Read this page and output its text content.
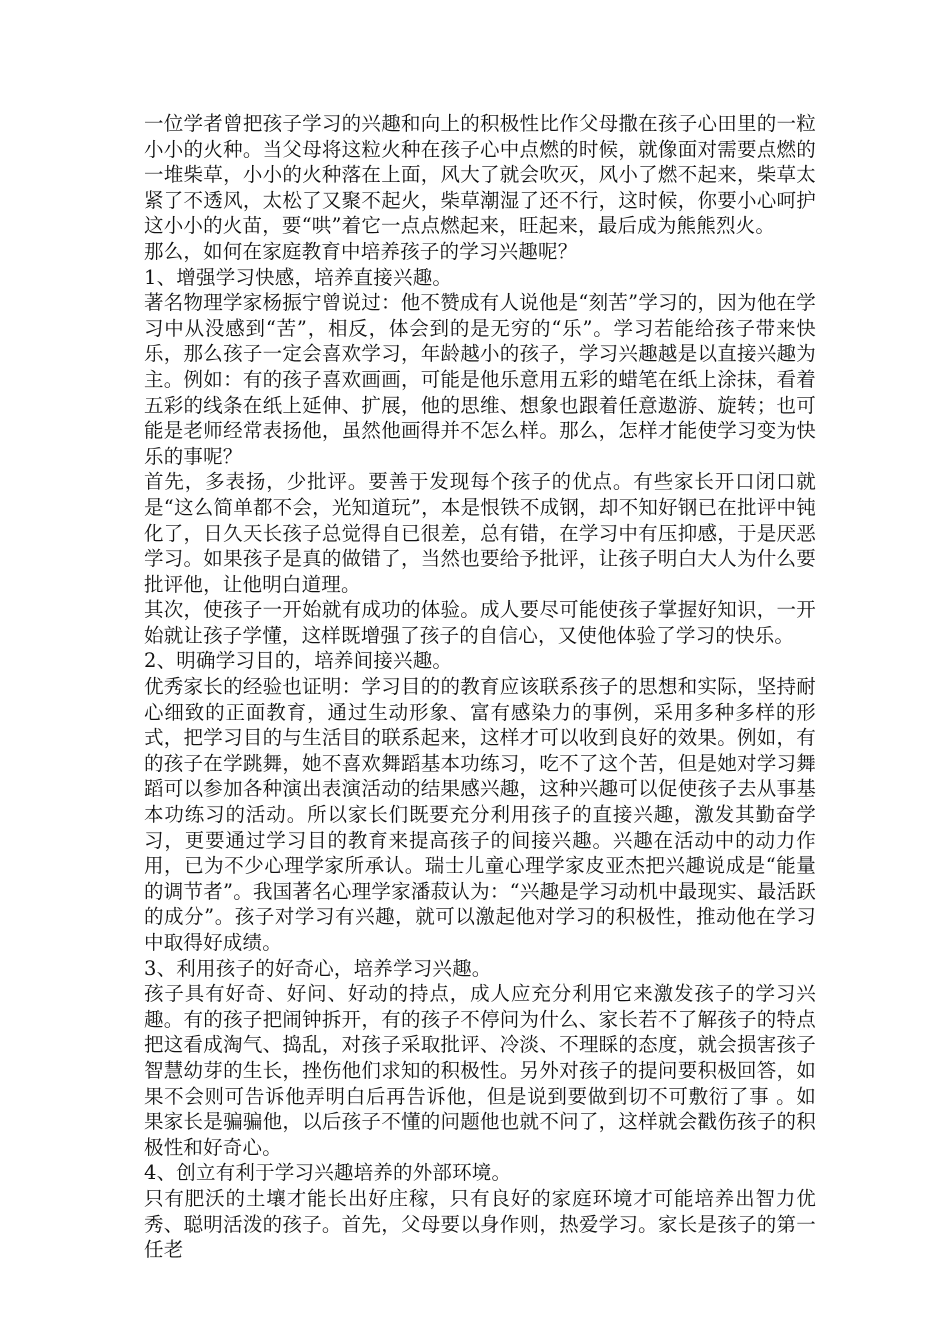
一位学者曾把孩子学习的兴趣和向上的积极性比作父母撒在孩子心田里的一粒小小的火种。当父母将这粒火种在孩子心中点燃的时候，就像面对需要点燃的一堆柴草，小小的火种落在上面，风大了就会吹灭，风小了燃不起来，柴草太紧了不透风，太松了又聚不起火，柴草潮湿了还不行，这时候，你要小心呵护这小小的火苗，要“哄”着它一点点燃起来，旺起来，最后成为熊熊烈火。

那么，如何在家庭教育中培养孩子的学习兴趣呢？

1、增强学习快感，培养直接兴趣。

著名物理学家杨振宁曾说过：他不赞成有人说他是“刻苦”学习的，因为他在学习中从没感到“苦”，相反，体会到的是无穷的“乐”。学习若能给孩子带来快乐，那么孩子一定会喜欢学习，年龄越小的孩子，学习兴趣越是以直接兴趣为主。例如：有的孩子喜欢画画，可能是他乐意用五彩的蜡笔在纸上涂抹，看着五彩的线条在纸上延伸、扩展，他的思维、想象也跟着任意遨游、旋转；也可能是老师经常表扬他，虽然他画得并不怎么样。那么，怎样才能使学习变为快乐的事呢？

首先，多表扬，少批评。要善于发现每个孩子的优点。有些家长开口闭口就是“这么简单都不会，光知道玩”，本是恨铁不成钢，却不知好钢已在批评中钝化了，日久天长孩子总觉得自已很差，总有错，在学习中有压抑感，于是厌恶学习。如果孩子是真的做错了，当然也要给予批评，让孩子明白大人为什么要批评他，让他明白道理。

其次，使孩子一开始就有成功的体验。成人要尽可能使孩子掌握好知识，一开始就让孩子学懂，这样既增强了孩子的自信心，又使他体验了学习的快乐。

2、明确学习目的，培养间接兴趣。

优秀家长的经验也证明：学习目的的教育应该联系孩子的思想和实际，坚持耐心细致的正面教育，通过生动形象、富有感染力的事例，采用多种多样的形式，把学习目的与生活目的联系起来，这样才可以收到良好的效果。例如，有的孩子在学跳舞，她不喜欢舞蹈基本功练习，吃不了这个苦，但是她对学习舞蹈可以参加各种演出表演活动的结果感兴趣，这种兴趣可以促使孩子去从事基本功练习的活动。所以家长们既要充分利用孩子的直接兴趣，激发其勤奋学习，更要通过学习目的教育来提高孩子的间接兴趣。兴趣在活动中的动力作用，已为不少心理学家所承认。瑞士儿童心理学家皮亚杰把兴趣说成是“能量的调节者”。我国著名心理学家潘菽认为：“兴趣是学习动机中最现实、最活跃的成分”。孩子对学习有兴趣，就可以激起他对学习的积极性，推动他在学习中取得好成绩。

3、利用孩子的好奇心，培养学习兴趣。

孩子具有好奇、好问、好动的持点，成人应充分利用它来激发孩子的学习兴趣。有的孩子把闹钟拆开，有的孩子不停问为什么、家长若不了解孩子的特点把这看成淘气、捣乱，对孩子采取批评、冷淡、不理睬的态度，就会损害孩子智慧幼芽的生长，挫伤他们求知的积极性。另外对孩子的提问要积极回答，如果不会则可告诉他弄明白后再告诉他，但是说到要做到切不可敷衍了事 。如果家长是骗骗他，以后孩子不懂的问题他也就不问了，这样就会戳伤孩子的积极性和好奇心。

4、创立有利于学习兴趣培养的外部环境。

只有肥沃的土壤才能长出好庄稼，只有良好的家庭环境才可能培养出智力优秀、聪明活泼的孩子。首先，父母要以身作则，热爱学习。家长是孩子的第一任老
